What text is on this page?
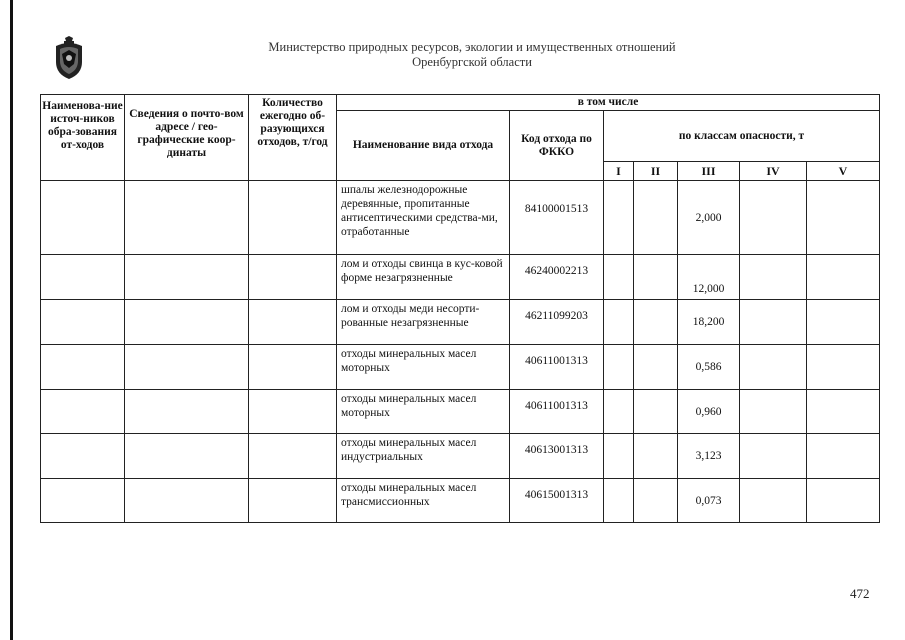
Министерство природных ресурсов, экологии и имущественных отношений
Оренбургской области
Наименова-ние источ-ников обра-зования от-ходов	Сведения о почто-вом адресе / гео-графические коор-динаты	Количество ежегодно об-разующихся отходов, т/год	в том числе						
			Наименование вида отхода	Код отхода по ФККО	по классам опасности, т				
					I	II	III	IV	V
			шпалы железнодорожные деревянные, пропитанные антисептическими средства-ми, отработанные	84100001513			2,000		
			лом и отходы свинца в кус-ковой форме незагрязненные	46240002213			12,000		
			лом и отходы меди несорти-рованные незагрязненные	46211099203			18,200		
			отходы минеральных масел моторных	40611001313			0,586		
			отходы минеральных масел моторных	40611001313			0,960		
			отходы минеральных масел индустриальных	40613001313			3,123		
			отходы минеральных масел трансмиссионных	40615001313			0,073		
472
